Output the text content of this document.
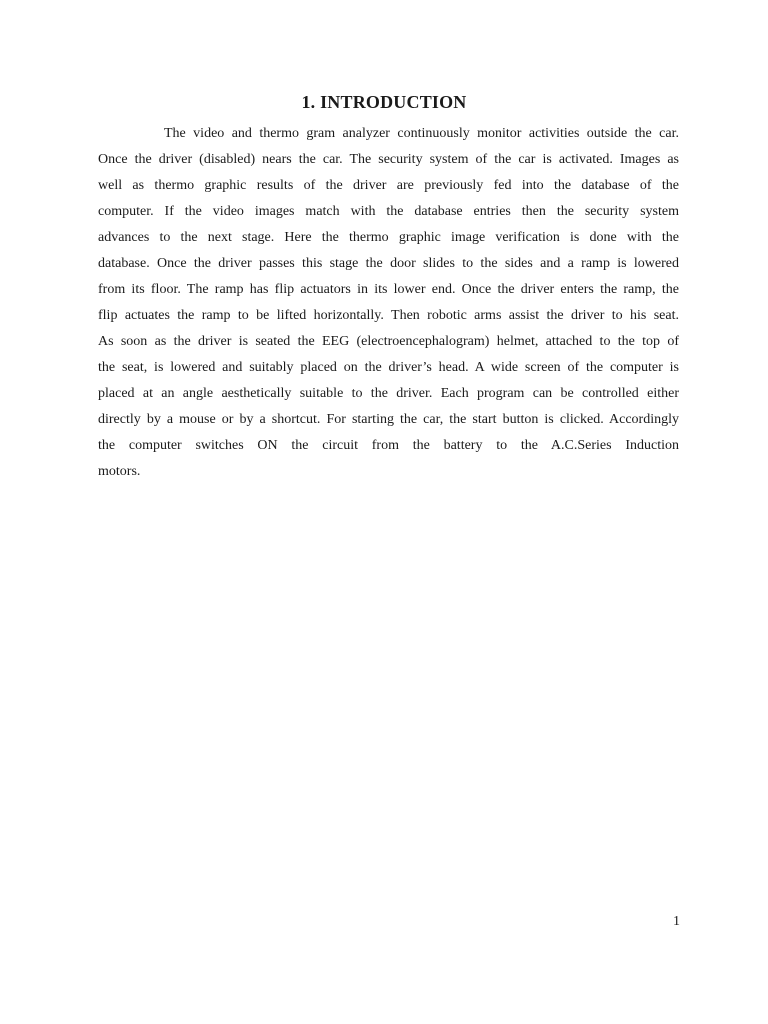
1. INTRODUCTION
The video and thermo gram analyzer continuously monitor activities outside the car.
Once the driver (disabled) nears the car. The security system of the car is activated. Images as
well as thermo graphic results of the driver are previously fed into the database of the
computer. If the video images match with the database entries then the security system
advances to the next stage. Here the thermo graphic image verification is done with the
database. Once the driver passes this stage the door slides to the sides and a ramp is lowered
from its floor. The ramp has flip actuators in its lower end. Once the driver enters the ramp, the
flip actuates the ramp to be lifted horizontally. Then robotic arms assist the driver to his seat.
As soon as the driver is seated the EEG (electroencephalogram) helmet, attached to the top of
the seat, is lowered and suitably placed on the driver’s head. A wide screen of the computer is
placed at an angle aesthetically suitable to the driver. Each program can be controlled either
directly by a mouse or by a shortcut. For starting the car, the start button is clicked. Accordingly
the computer switches ON the circuit from the battery to the A.C.Series Induction
motors.
1
